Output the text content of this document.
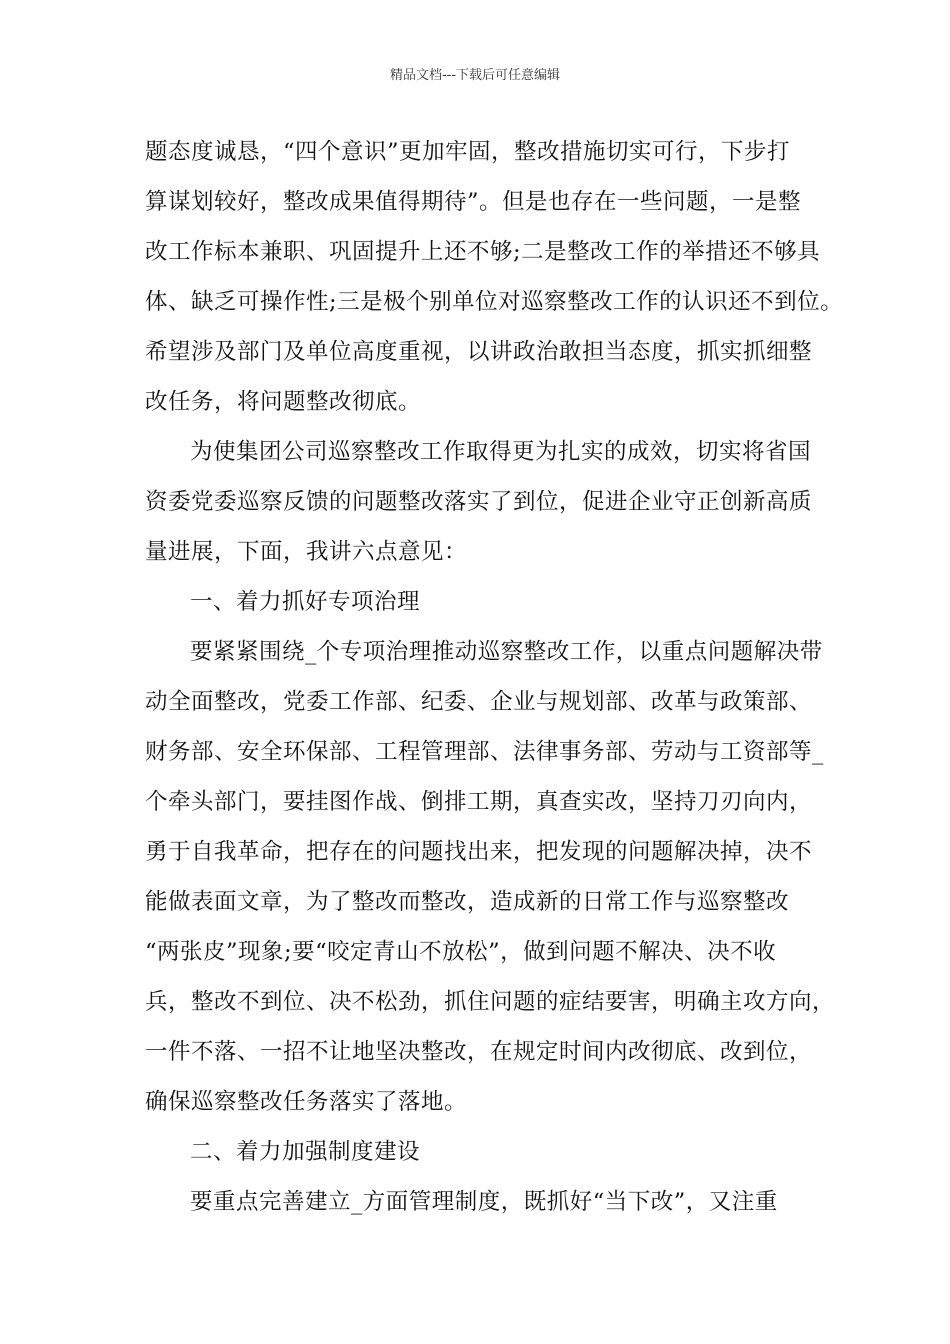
精品文档---下载后可任意编辑
题态度诚恳，“四个意识”更加牢固，整改措施切实可行，下步打
算谋划较好，整改成果值得期待”。但是也存在一些问题，一是整
改工作标本兼职、巩固提升上还不够;二是整改工作的举措还不够具
体、缺乏可操作性;三是极个别单位对巡察整改工作的认识还不到位。
希望涉及部门及单位高度重视，以讲政治敢担当态度，抓实抓细整
改任务，将问题整改彻底。
为使集团公司巡察整改工作取得更为扎实的成效，切实将省国
资委党委巡察反馈的问题整改落实了到位，促进企业守正创新高质
量进展，下面，我讲六点意见：
一、着力抓好专项治理
要紧紧围绕_个专项治理推动巡察整改工作，以重点问题解决带
动全面整改，党委工作部、纪委、企业与规划部、改革与政策部、
财务部、安全环保部、工程管理部、法律事务部、劳动与工资部等_
个牵头部门，要挂图作战、倒排工期，真查实改，坚持刀刃向内，
勇于自我革命，把存在的问题找出来，把发现的问题解决掉，决不
能做表面文章，为了整改而整改，造成新的日常工作与巡察整改
“两张皮”现象;要“咬定青山不放松”，做到问题不解决、决不收
兵，整改不到位、决不松劲，抓住问题的症结要害，明确主攻方向，
一件不落、一招不让地坚决整改，在规定时间内改彻底、改到位，
确保巡察整改任务落实了落地。
二、着力加强制度建设
要重点完善建立_方面管理制度，既抓好“当下改”，又注重
